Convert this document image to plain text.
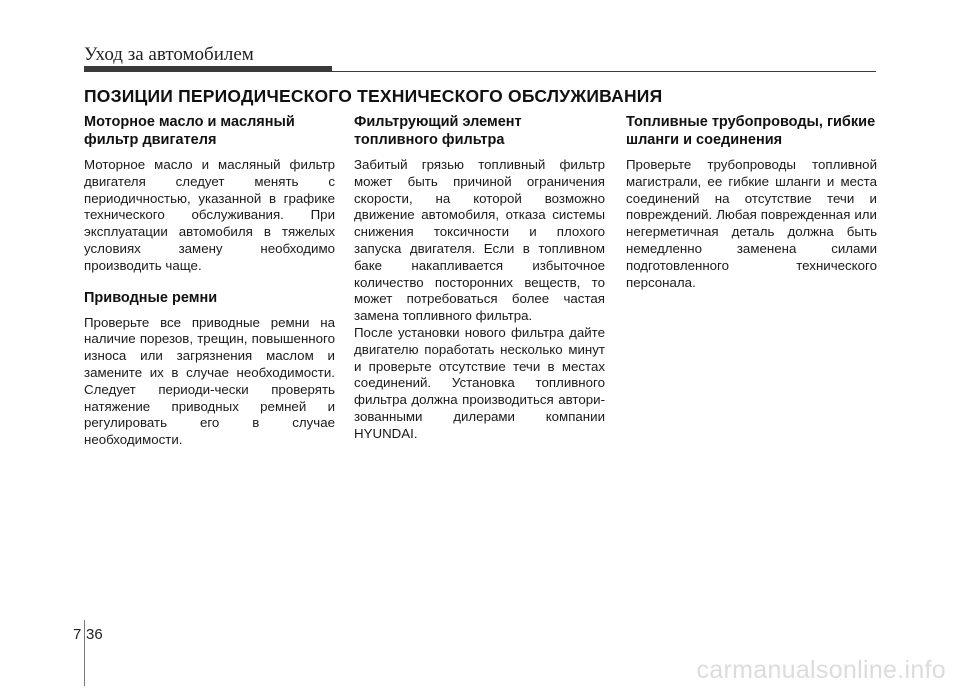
Уход за автомобилем
ПОЗИЦИИ ПЕРИОДИЧЕСКОГО ТЕХНИЧЕСКОГО ОБСЛУЖИВАНИЯ
Моторное масло и масляный фильтр двигателя

Моторное масло и масляный фильтр двигателя следует менять с периодичностью, указанной в графике технического обслуживания. При эксплуатации автомобиля в тяжелых условиях замену необходимо производить чаще.

Приводные ремни

Проверьте все приводные ремни на наличие порезов, трещин, повышенного износа или загрязнения маслом и замените их в случае необходимости. Следует периоди-чески проверять натяжение приводных ремней и регулировать его в случае необходимости.

Фильтрующий элемент топливного фильтра

Забитый грязью топливный фильтр может быть причиной ограничения скорости, на которой возможно движение автомобиля, отказа системы снижения токсичности и плохого запуска двигателя. Если в топливном баке накапливается избыточное количество посторонних веществ, то может потребоваться более частая замена топливного фильтра.

После установки нового фильтра дайте двигателю поработать несколько минут и проверьте отсутствие течи в местах соединений. Установка топливного фильтра должна производиться автори-зованными дилерами компании HYUNDAI.

Топливные трубопроводы, гибкие шланги и соединения

Проверьте трубопроводы топливной магистрали, ее гибкие шланги и места соединений на отсутствие течи и повреждений. Любая поврежденная или негерметичная деталь должна быть немедленно заменена силами подготовленного технического персонала.

7 36
carmanualsonline.info
